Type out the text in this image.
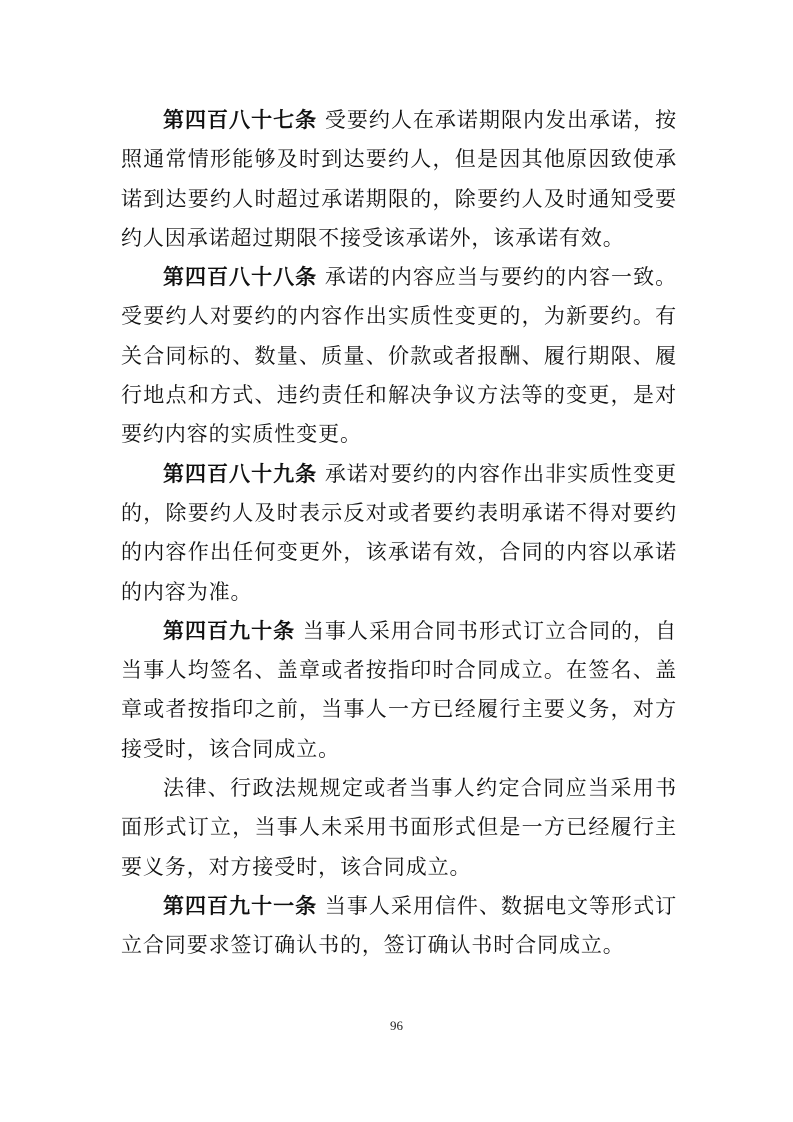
第四百八十七条 受要约人在承诺期限内发出承诺，按照通常情形能够及时到达要约人，但是因其他原因致使承诺到达要约人时超过承诺期限的，除要约人及时通知受要约人因承诺超过期限不接受该承诺外，该承诺有效。

第四百八十八条 承诺的内容应当与要约的内容一致。受要约人对要约的内容作出实质性变更的，为新要约。有关合同标的、数量、质量、价款或者报酬、履行期限、履行地点和方式、违约责任和解决争议方法等的变更，是对要约内容的实质性变更。

第四百八十九条 承诺对要约的内容作出非实质性变更的，除要约人及时表示反对或者要约表明承诺不得对要约的内容作出任何变更外，该承诺有效，合同的内容以承诺的内容为准。

第四百九十条 当事人采用合同书形式订立合同的，自当事人均签名、盖章或者按指印时合同成立。在签名、盖章或者按指印之前，当事人一方已经履行主要义务，对方接受时，该合同成立。

法律、行政法规规定或者当事人约定合同应当采用书面形式订立，当事人未采用书面形式但是一方已经履行主要义务，对方接受时，该合同成立。

第四百九十一条 当事人采用信件、数据电文等形式订立合同要求签订确认书的，签订确认书时合同成立。

96
